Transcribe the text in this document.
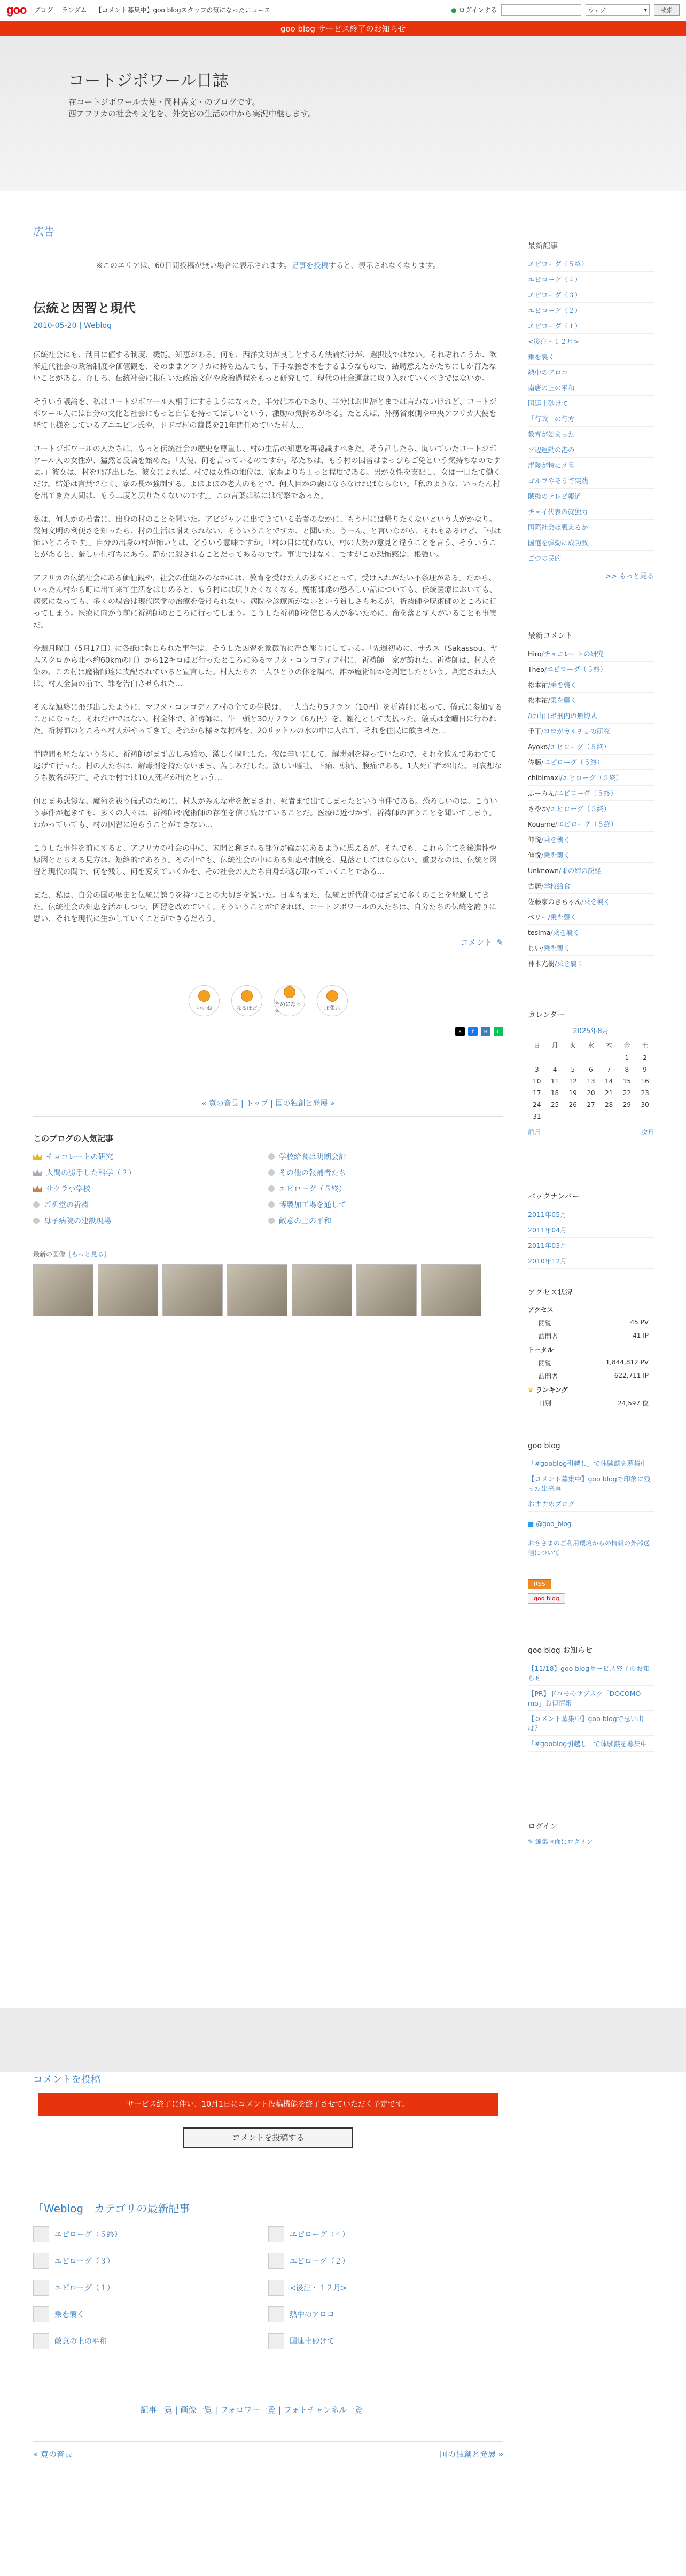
goo ブログ ランダム 【コメント募集中】goo blogスタッフの気になったニュース	● ログインする	ウェブ	▾	検索
goo blog サービス終了のお知らせ
コートジボワール日誌
在コートジボワール大使・岡村善文・のブログです。
西アフリカの社会や文化を、外交官の生活の中から実況中継します。
広告
※このエリアは、60日間投稿が無い場合に表示されます。記事を投稿すると、表示されなくなります。
伝統と因習と現代
2010-05-20 | Weblog

伝統社会にも、刮目に値する制度、機能、知恵がある。何も、西洋文明が良しとする方法論だけが、選択肢ではない。それぞれこうか、欧米近代社会の政治制度や価値観を、そのままアフリカに持ち込んでも、下手な接ぎ木をするようなもので、結局意えたかたちにしか育たないことがある。むしろ、伝統社会に根付いた政治文化や政治過程をもっと研究して、現代の社会運営に取り入れていくべきではないか。

そういう議論を、私はコートジボワール人相手にするようになった。半分は本心であり、半分はお世辞とまでは言わないけれど、コートジボワール人には自分の文化と社会にもっと自信を持ってほしいという、激励の気持ちがある。たとえば、外務省東側や中央アフリカ大使を経て王様をしているアニエビレ氏や、ドドゴ村の酋長を21年間任めていた村人…

コートジボワールの人たちは、もっと伝統社会の歴史を尊重し、村の生活の知恵を再認識すべきだ。そう話したら、聞いていたコートジボワール人の女性が、猛然と反論を始めた。「大使、何を言っているのですか。私たちは、もう村の因習はまっぴらご免という気持ちなのですよ。」彼女は、村を飛び出した。彼女によれば、村では女性の地位は、家畜よりちょっと程度である。男が女性を支配し、女は一日たて働くだけ。結婚は言葉でなく、家の長が強制する。よほよほの老人のもとで、何人目かの妻にならなければならない。「私のような、いったん村を出てきた人間は、もう二度と戻りたくないのです。」この言葉は私には衝撃であった。

私は、何人かの若者に、出身の村のことを聞いた。アビジャンに出てきている若者のなかに、もう村には帰りたくないという人がかなり。幾何文明の利便さを知ったら、村の生活は耐えられない、そういうことですか、と聞いた。うーん、と言いながら、それもあるけど、「村は怖いところです。」自分の出身の村が怖いとは、どういう意味ですか。「村の目に従わない、村の大勢の意見と違うことを言う、そういうことがあると、厳しい仕打ちにあう。静かに殺されることだってあるのです。事実ではなく、ですがこの恐怖感は、根強い。

アフリカの伝統社会にある価値観や、社会の仕組みのなかには、教育を受けた人の多くにとって、受け入れがたい不条理がある。だから、いったん村から町に出て来て生活をはじめると、もう村には戻りたくなくなる。魔術師達の恐ろしい話についても、伝統医療においても、病気になっても、多くの場合は現代医学の治療を受けられない。病院や診療所がないという貧しさもあるが、祈祷師や呪術師のところに行ってしまう。医療に向かう前に祈祷師のところに行ってしまう。こうした祈祷師を信じる人が多いために、命を落とす人がいることも事実だ。

今週月曜日（5月17日）に各紙に報じられた事件は、そうした因習を象徴的に浮き彫りにしている。「先週初めに、サカス（Sakassou、ヤムスクロから北へ約60kmの町）から12キロほど行ったところにあるマフタ・コンゴディア村に、祈祷師一家が訪れた。祈祷師は、村人を集め、この村は魔術師達に支配されていると宣言した。村人たちの一人ひとりの体を調べ、誰が魔術師かを判定したという。判定された人は、村人全員の前で、罪を告白させられた…

そんな連絡に飛び出したように、マフタ・コンゴディア村の全ての住民は、一人当たり5フラン（10円）を祈祷師に払って、儀式に参加することになった。それだけではない。村全体で、祈祷師に、牛一頭と30万フラン（6万円）を、謝礼として支払った。儀式は金曜日に行われた。祈祷師のところへ村人がやってきて、それから様々な村料を、20リットルの水の中に入れて、それを住民に飲ませた…

半時間も経たないうちに、祈祷師がまず苦しみ始め、激しく嘔吐した。彼は辛いにして、解毒剤を持っていたので、それを飲んであわてて逃げて行った。村の人たちは、解毒剤を持たないまま、苦しみだした。激しい嘔吐、下痢、頭痛、腹痛である。1人死亡者が出た。可哀想なうち数名が死亡。それで村では10人死者が出たという…

何とまあ悲惨な、魔術を祓う儀式のために、村人がみんな毒を飲まされ、死者まで出てしまったという事件である。恐ろしいのは、こういう事件が起きても、多くの人々は、祈祷師や魔術師の存在を信じ続けていることだ。医療に近づかず、祈祷師の言うことを聞いてしまう。わかっていても、村の因習に逆らうことができない…

こうした事件を前にすると、アフリカの社会の中に、未開と称される部分が確かにあるように思えるが、それでも、これら全てを後進性や原因ととらえる見方は、短絡的であろう。その中でも、伝統社会の中にある知恵や制度を、見落としてはならない。重要なのは、伝統と因習と現代の間で、何を残し、何を変えていくかを、その社会の人たち自身が選び取っていくことである…

また、私は、自分の国の歴史と伝統に誇りを持つことの大切さを説いた。日本もまた、伝統と近代化のはざまで多くのことを経験してきた。伝統社会の知恵を活かしつつ、因習を改めていく。そういうことができれば、コートジボワールの人たちは、自分たちの伝統を誇りに思い、それを現代に生かしていくことができるだろう。

コメント ✎
いいね	なるほど
ためになった
頑張れ
X	f	B	L
« 寛の音長 | トップ | 国の独創と発展 »
このブログの人気記事
チョコレートの研究	学校給食は明朗会計
人間の勝手した科学（２）	その他の報補者たち
サクラ小学校	エピローグ（５終）
ご祈堂の祈祷	博製加工場を通して
母子病院の建設現場	敵意の上の平和
最新の画像［もっと見る］
最新記事
エピローグ（５終）
エピローグ（４）
エピローグ（３）
エピローグ（２）
エピローグ（１）
<後注・１２月>
乗を襲く
熱中のアロコ
南唐の上の平和
国連土砂けて
「行政」の行方
教育が始まった
ソ辺運動の港の
崖陵が特にメ号
ゴルフやそうで実践
賊機のテレビ報道
チョイ代表の就独力
国際社会は戦えるか
国選を弾劾に成功教
ごつの民的
>> もっと見る
最新コメント
Hiro/チョコレートの研究
Theo/エピローグ（５終）
松本祐/乗を襲く
松本祐/乗を襲く
/け山日ボ刑内の無均式
手干/ロロがカルチョの研究
Ayoko/エピローグ（５終）
佐藤/エピローグ（５終）
chibimaxi/エピローグ（５終）
ふーみん/エピローグ（５終）
さやか/エピローグ（５終）
Kouame/エピローグ（５終）
伸悦/乗を襲く
伸悦/乗を襲く
Unknown/乗の姉の説経
古居/学校給食
佐藤家のきちゃん/乗を襲く
ペリー/乗を襲く
tesima/乗を襲く
じい/乗を襲く
神木光樹/乗を襲く
カレンダー
2025年8月
日	月	火	水	木	金	土
					1	2
3	4	5	6	7	8	9
10	11	12	13	14	15	16
17	18	19	20	21	22	23
24	25	26	27	28	29	30
31						
前月	次月
バックナンバー
2011年05月
2011年04月
2011年03月
2010年12月
アクセス状況
アクセス
閲覧	45 PV
訪問者	41 IP
トータル
閲覧	1,844,812 PV
訪問者	622,711 IP
♛ ランキング
日別	24,597 位
goo blog
「#gooblog引越し」で体験談を募集中
【コメント募集中】goo blogで印象に残った出来事
おすすめブログ
■ @goo_blog
お客さまのご利用環境からの情報の外部送信について
RSS
goo blog
goo blog お知らせ
【11/18】goo blogサービス終了のお知らせ
【PR】ドコモのサブスク「DOCOMO mo」お得情報
【コメント募集中】goo blogで思い出は？
「#gooblog引越し」で体験談を募集中
ログイン
✎ 編集画面にログイン
コメントを投稿
サービス終了に伴い、10月1日にコメント投稿機能を終了させていただく予定です。
コメントを投稿する
「Weblog」カテゴリの最新記事
エピローグ（５終）	エピローグ（４）
エピローグ（３）	エピローグ（２）
エピローグ（１）	<後注・１２月>
乗を襲く	熱中のアロコ
敵意の上の平和	国連土砂けて
記事一覧 | 画像一覧 | フォロワー一覧 | フォトチャンネル一覧
« 寛の音長	国の独創と発展 »
